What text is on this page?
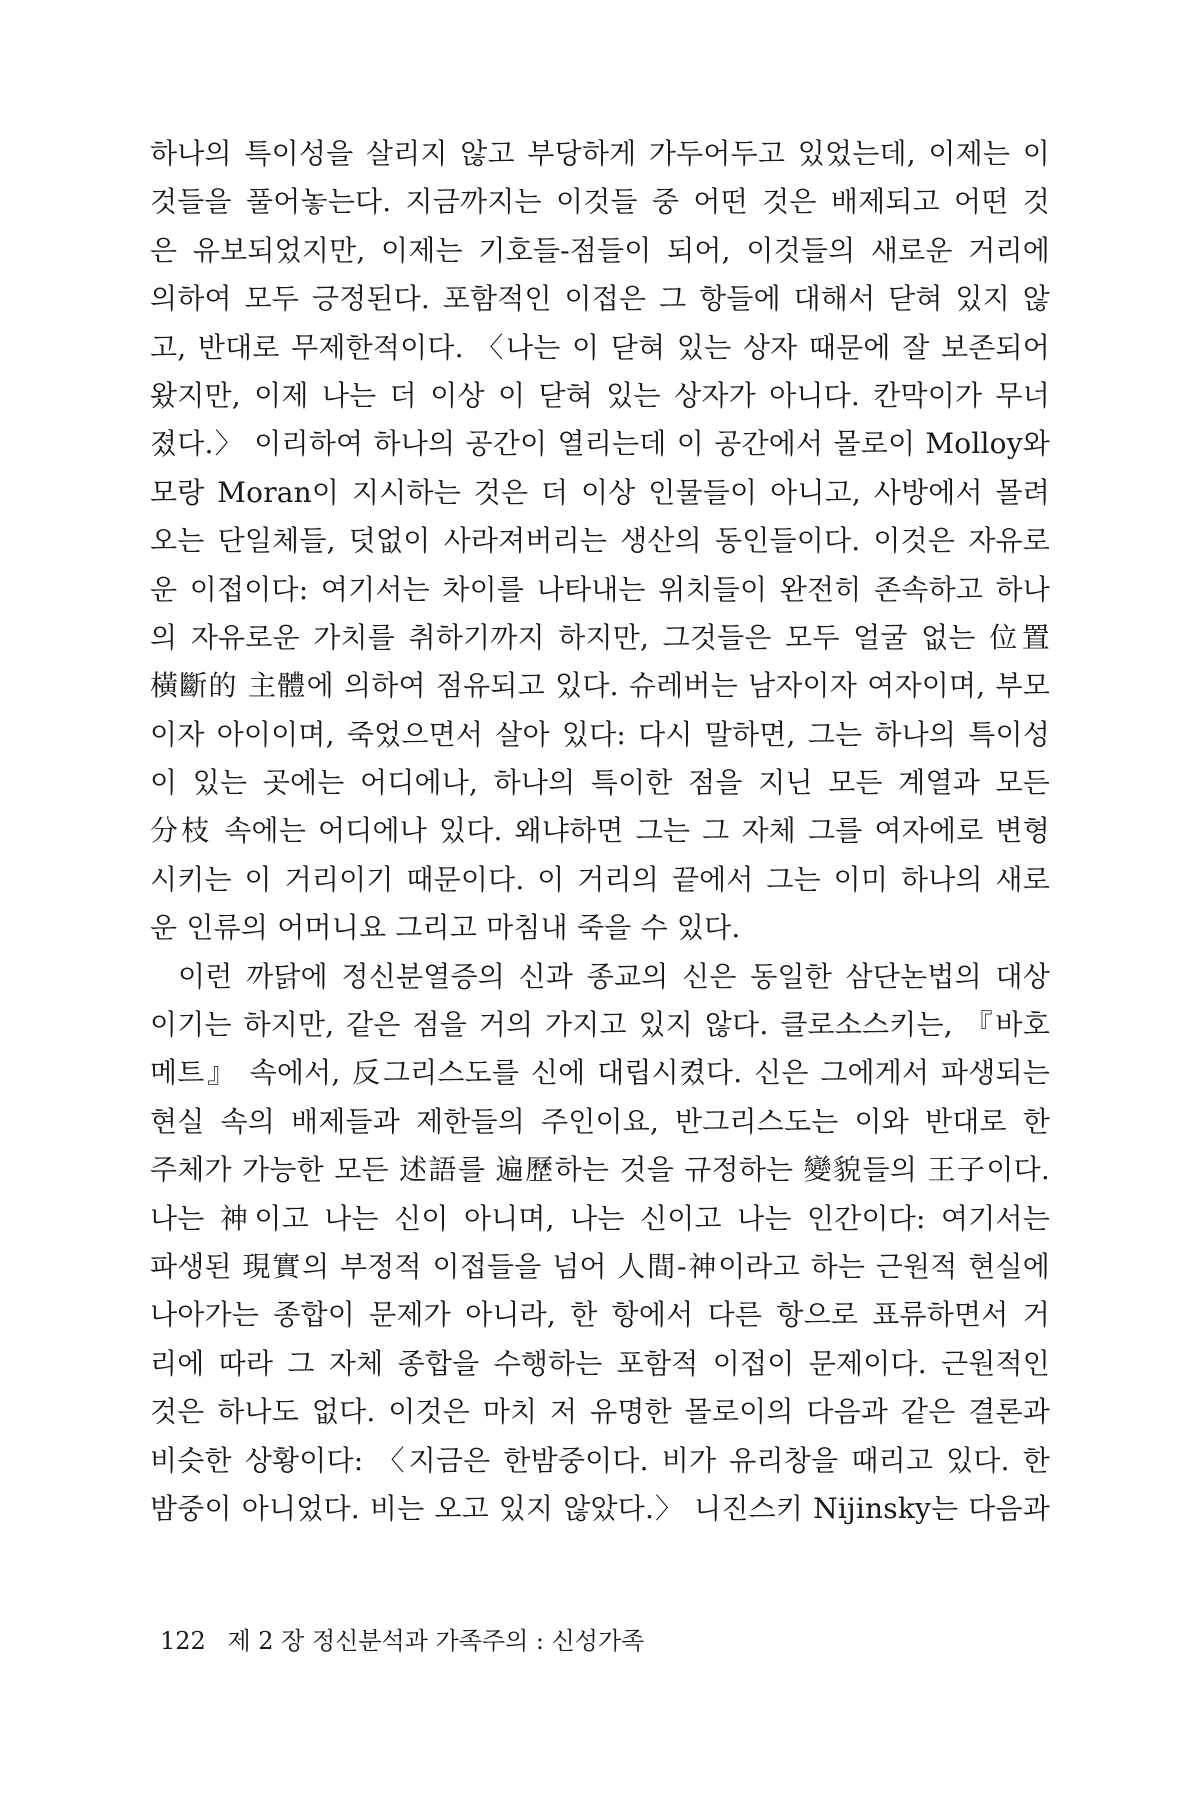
하나의 특이성을 살리지 않고 부당하게 가두어두고 있었는데, 이제는 이
것들을 풀어놓는다. 지금까지는 이것들 중 어떤 것은 배제되고 어떤 것
은 유보되었지만, 이제는 기호들-점들이 되어, 이것들의 새로운 거리에
의하여 모두 긍정된다. 포함적인 이접은 그 항들에 대해서 닫혀 있지 않
고, 반대로 무제한적이다. 〈나는 이 닫혀 있는 상자 때문에 잘 보존되어
왔지만, 이제 나는 더 이상 이 닫혀 있는 상자가 아니다. 칸막이가 무너
졌다.〉 이리하여 하나의 공간이 열리는데 이 공간에서 몰로이 Molloy와
모랑 Moran이 지시하는 것은 더 이상 인물들이 아니고, 사방에서 몰려
오는 단일체들, 덧없이 사라져버리는 생산의 동인들이다. 이것은 자유로
운 이접이다: 여기서는 차이를 나타내는 위치들이 완전히 존속하고 하나
의 자유로운 가치를 취하기까지 하지만, 그것들은 모두 얼굴 없는 位置
橫斷的 主體에 의하여 점유되고 있다. 슈레버는 남자이자 여자이며, 부모
이자 아이이며, 죽었으면서 살아 있다: 다시 말하면, 그는 하나의 특이성
이 있는 곳에는 어디에나, 하나의 특이한 점을 지닌 모든 계열과 모든
分枝 속에는 어디에나 있다. 왜냐하면 그는 그 자체 그를 여자에로 변형
시키는 이 거리이기 때문이다. 이 거리의 끝에서 그는 이미 하나의 새로
운 인류의 어머니요 그리고 마침내 죽을 수 있다.
이런 까닭에 정신분열증의 신과 종교의 신은 동일한 삼단논법의 대상
이기는 하지만, 같은 점을 거의 가지고 있지 않다. 클로소스키는, 『바호
메트』 속에서, 反그리스도를 신에 대립시켰다. 신은 그에게서 파생되는
현실 속의 배제들과 제한들의 주인이요, 반그리스도는 이와 반대로 한
주체가 가능한 모든 述語를 遍歷하는 것을 규정하는 變貌들의 王子이다.
나는 神이고 나는 신이 아니며, 나는 신이고 나는 인간이다: 여기서는
파생된 現實의 부정적 이접들을 넘어 人間-神이라고 하는 근원적 현실에
나아가는 종합이 문제가 아니라, 한 항에서 다른 항으로 표류하면서 거
리에 따라 그 자체 종합을 수행하는 포함적 이접이 문제이다. 근원적인
것은 하나도 없다. 이것은 마치 저 유명한 몰로이의 다음과 같은 결론과
비슷한 상황이다: 〈지금은 한밤중이다. 비가 유리창을 때리고 있다. 한
밤중이 아니었다. 비는 오고 있지 않았다.〉 니진스키 Nijinsky는 다음과
122 제 2 장 정신분석과 가족주의 : 신성가족
